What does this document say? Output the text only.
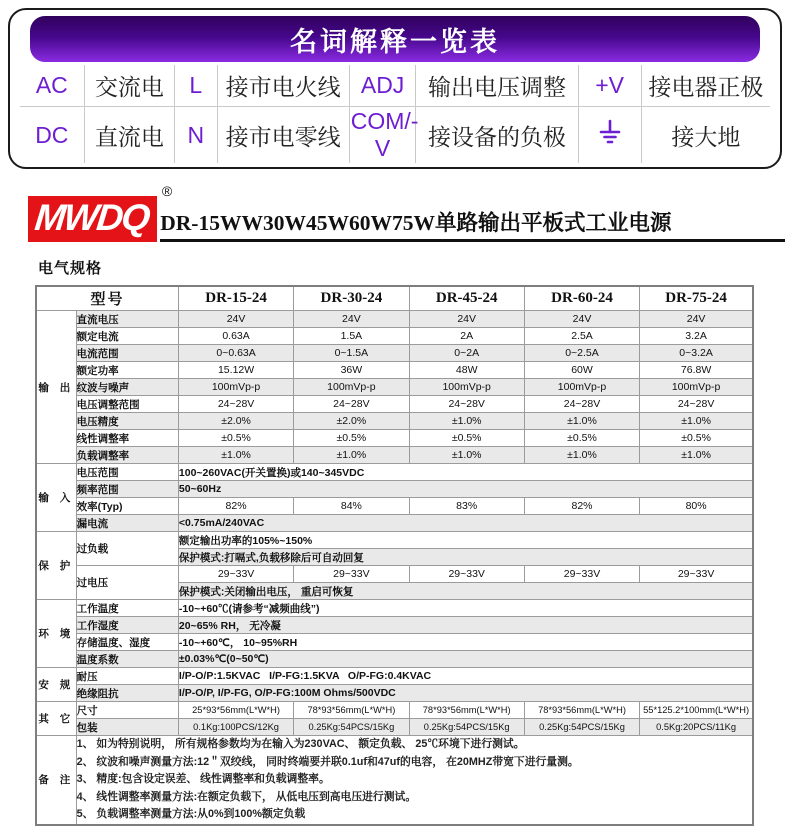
名词解释一览表
AC	交流电	L	接市电火线	ADJ	输出电压调整	+V	接电器正极
DC	直流电	N	接市电零线	COM/-V	接设备的负极		接大地
MWDQ
®
DR-15WW30W45W60W75W单路输出平板式工业电源
电气规格
型号		DR-15-24	DR-30-24	DR-45-24	DR-60-24	DR-75-24
输 出	直流电压	24V	24V	24V	24V	24V
	额定电流	0.63A	1.5A	2A	2.5A	3.2A
	电流范围	0~0.63A	0~1.5A	0~2A	0~2.5A	0~3.2A
	额定功率	15.12W	36W	48W	60W	76.8W
	纹波与噪声	100mVp-p	100mVp-p	100mVp-p	100mVp-p	100mVp-p
	电压调整范围	24~28V	24~28V	24~28V	24~28V	24~28V
	电压精度	±2.0%	±2.0%	±1.0%	±1.0%	±1.0%
	线性调整率	±0.5%	±0.5%	±0.5%	±0.5%	±0.5%
	负载调整率	±1.0%	±1.0%	±1.0%	±1.0%	±1.0%
输 入	电压范围	100~260VAC(开关置换)或140~345VDC				
	频率范围	50~60Hz				
	效率(Typ)	82%	84%	83%	82%	80%
	漏电流	<0.75mA/240VAC				
保 护	过负载	额定输出功率的105%~150%				
		保护模式:打嗝式,负载移除后可自动回复				
	过电压	29~33V	29~33V	29~33V	29~33V	29~33V
		保护模式:关闭输出电压， 重启可恢复				
环 境	工作温度	-10~+60℃(请参考“减频曲线”)				
	工作湿度	20~65% RH， 无冷凝				
	存储温度、湿度	-10~+60℃， 10~95%RH				
	温度系数	±0.03%℃(0~50℃)				
安 规	耐压	I/P-O/P:1.5KVAC   I/P-FG:1.5KVA   O/P-FG:0.4KVAC				
	绝缘阻抗	I/P-O/P, I/P-FG, O/P-FG:100M Ohms/500VDC				
其 它	尺寸	25*93*56mm(L*W*H)	78*93*56mm(L*W*H)	78*93*56mm(L*W*H)	78*93*56mm(L*W*H)	55*125.2*100mm(L*W*H)
	包装	0.1Kg:100PCS/12Kg	0.25Kg:54PCS/15Kg	0.25Kg:54PCS/15Kg	0.25Kg:54PCS/15Kg	0.5Kg:20PCS/11Kg
备 注	1、 如为特别说明， 所有规格参数均为在输入为230VAC、 额定负载、 25℃环境下进行测试。
2、 纹波和噪声测量方法:12＂双绞线， 同时终端要并联0.1uf和47uf的电容， 在20MHZ带宽下进行量测。
3、 精度:包含设定误差、 线性调整率和负载调整率。
4、 线性调整率测量方法:在额定负载下， 从低电压到高电压进行测试。
5、 负载调整率测量方法:从0%到100%额定负载					
